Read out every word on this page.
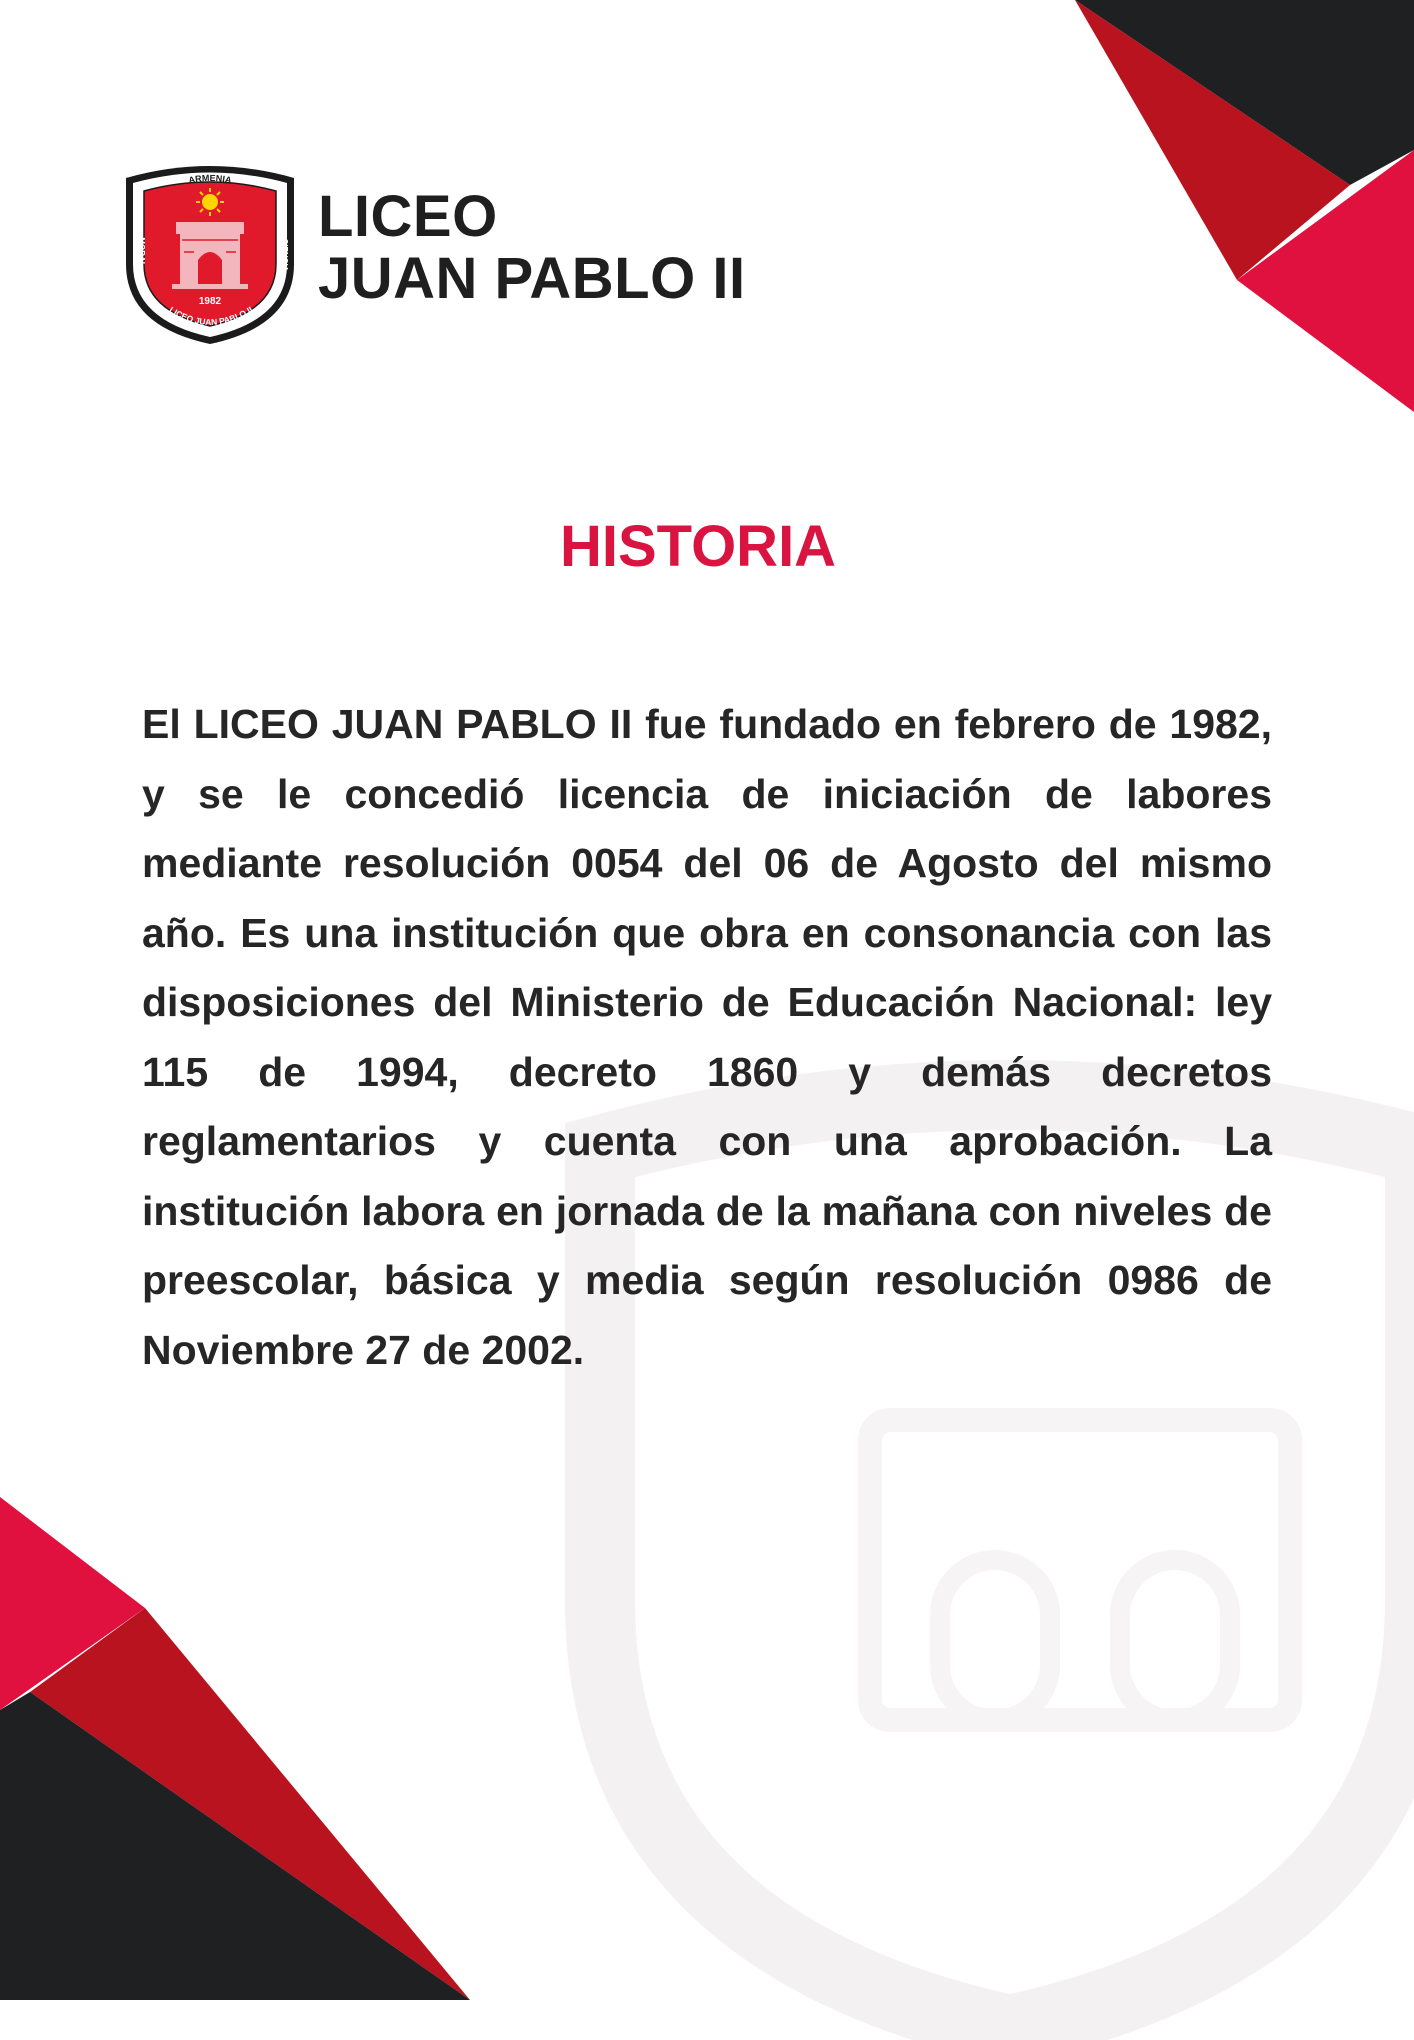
ARMENIA
MORAL	CIENCIA
1982
LICEO JUAN PABLO II
LICEO
JUAN PABLO II
HISTORIA

El LICEO JUAN PABLO II fue fundado en febrero de 1982, y se le concedió licencia de iniciación de labores mediante resolución 0054 del 06 de Agosto del mismo año. Es una institución que obra en consonancia con las disposiciones del Ministerio de Educación Nacional: ley 115 de 1994, decreto 1860 y demás decretos reglamentarios y cuenta con una aprobación. La institución labora en jornada de la mañana con niveles de preescolar, básica y media según resolución 0986 de Noviembre 27 de 2002.
